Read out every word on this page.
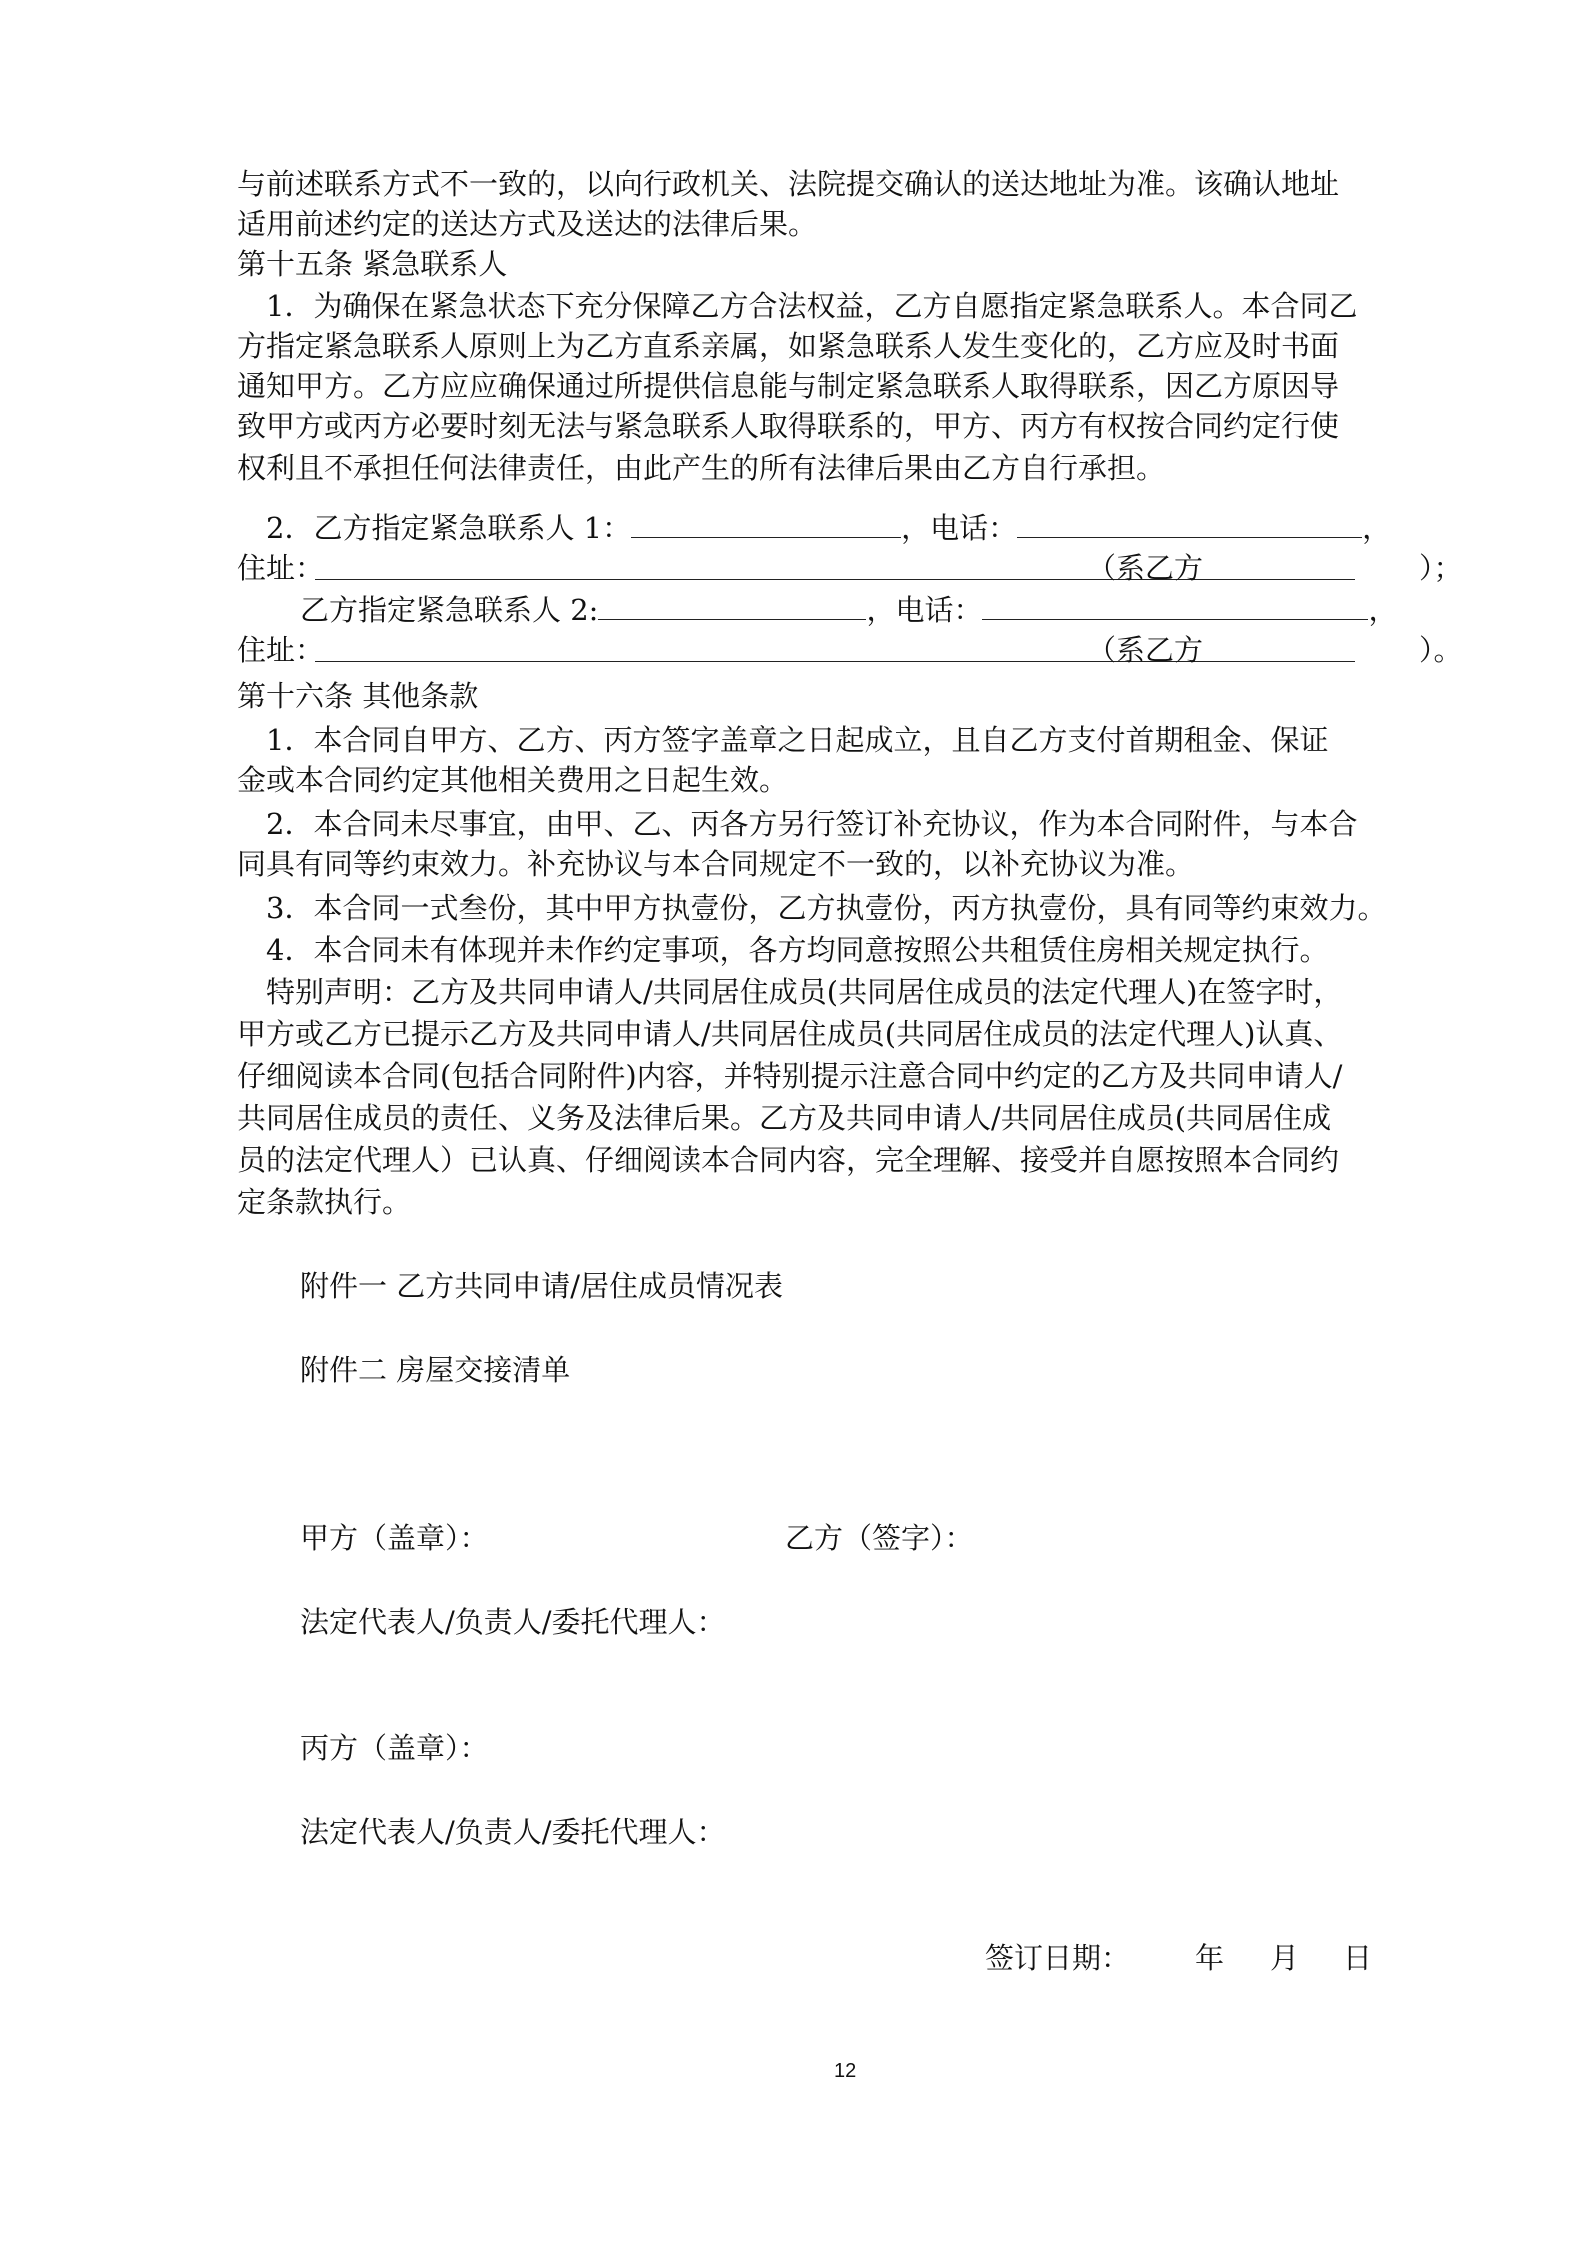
与前述联系方式不一致的，以向行政机关、法院提交确认的送达地址为准。该确认地址
适用前述约定的送达方式及送达的法律后果。
第十五条 紧急联系人
1．为确保在紧急状态下充分保障乙方合法权益，乙方自愿指定紧急联系人。本合同乙
方指定紧急联系人原则上为乙方直系亲属，如紧急联系人发生变化的，乙方应及时书面
通知甲方。乙方应应确保通过所提供信息能与制定紧急联系人取得联系，因乙方原因导
致甲方或丙方必要时刻无法与紧急联系人取得联系的，甲方、丙方有权按合同约定行使
权利且不承担任何法律责任，由此产生的所有法律后果由乙方自行承担。
2．乙方指定紧急联系人 1：	，电话：	，
住址：	（系乙方	）；
乙方指定紧急联系人 2:	，电话：	，
住址：	（系乙方	）。
第十六条 其他条款
1．本合同自甲方、乙方、丙方签字盖章之日起成立，且自乙方支付首期租金、保证
金或本合同约定其他相关费用之日起生效。
2．本合同未尽事宜，由甲、乙、丙各方另行签订补充协议，作为本合同附件，与本合
同具有同等约束效力。补充协议与本合同规定不一致的，以补充协议为准。
3．本合同一式叁份，其中甲方执壹份，乙方执壹份，丙方执壹份，具有同等约束效力。
4．本合同未有体现并未作约定事项，各方均同意按照公共租赁住房相关规定执行。
特别声明：乙方及共同申请人/共同居住成员(共同居住成员的法定代理人)在签字时，
甲方或乙方已提示乙方及共同申请人/共同居住成员(共同居住成员的法定代理人)认真、
仔细阅读本合同(包括合同附件)内容，并特别提示注意合同中约定的乙方及共同申请人/
共同居住成员的责任、义务及法律后果。乙方及共同申请人/共同居住成员(共同居住成
员的法定代理人）已认真、仔细阅读本合同内容，完全理解、接受并自愿按照本合同约
定条款执行。
附件一 乙方共同申请/居住成员情况表
附件二 房屋交接清单
甲方（盖章）：	乙方（签字）：
法定代表人/负责人/委托代理人：
丙方（盖章）：
法定代表人/负责人/委托代理人：
签订日期： 年 月 日
12
